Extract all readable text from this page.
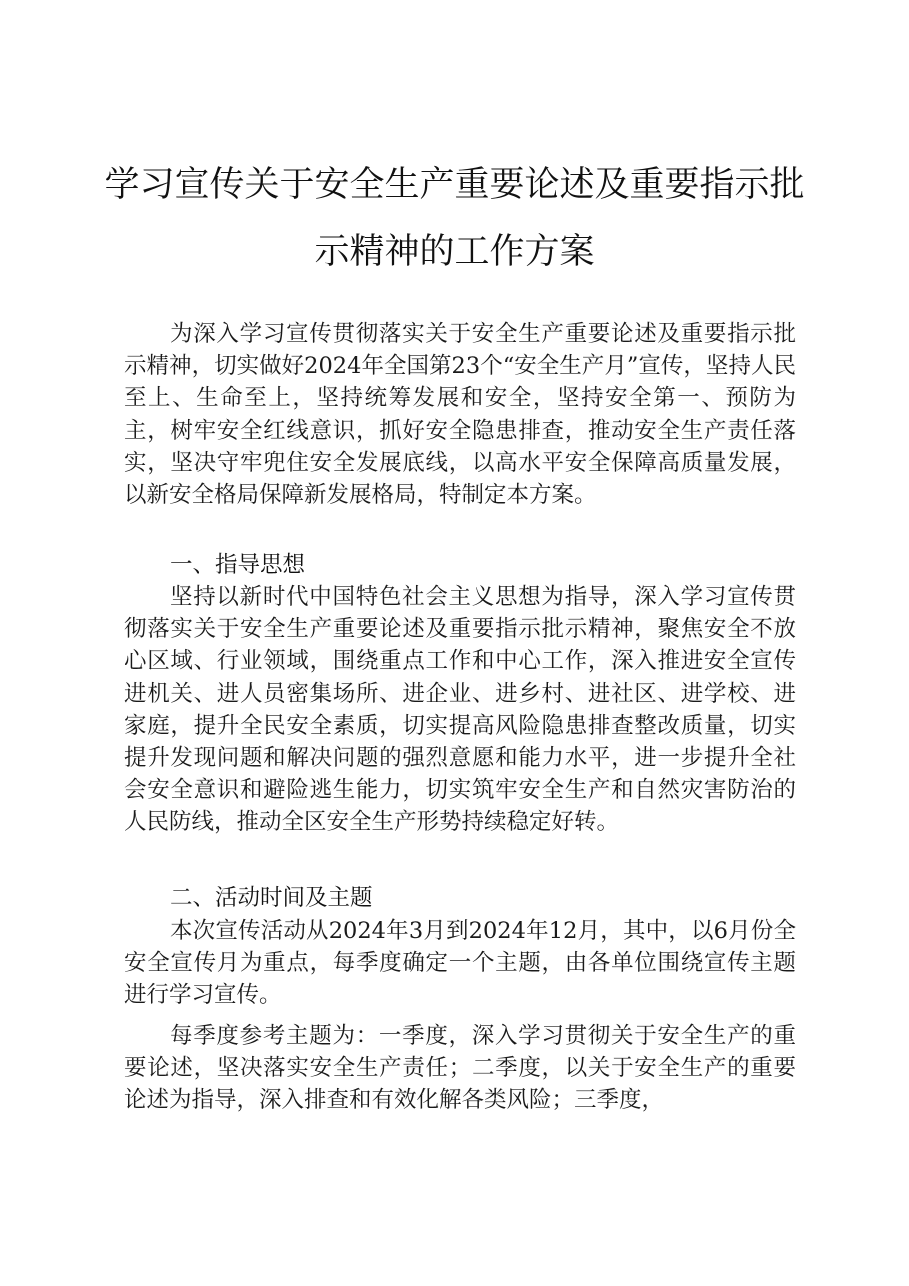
学习宣传关于安全生产重要论述及重要指示批
示精神的工作方案

为深入学习宣传贯彻落实关于安全生产重要论述及重要指示批示精神，切实做好2024年全国第23个“安全生产月”宣传，坚持人民至上、生命至上，坚持统筹发展和安全，坚持安全第一、预防为主，树牢安全红线意识，抓好安全隐患排查，推动安全生产责任落实，坚决守牢兜住安全发展底线，以高水平安全保障高质量发展，以新安全格局保障新发展格局，特制定本方案。

一、指导思想

坚持以新时代中国特色社会主义思想为指导，深入学习宣传贯彻落实关于安全生产重要论述及重要指示批示精神，聚焦安全不放心区域、行业领域，围绕重点工作和中心工作，深入推进安全宣传进机关、进人员密集场所、进企业、进乡村、进社区、进学校、进家庭，提升全民安全素质，切实提高风险隐患排查整改质量，切实提升发现问题和解决问题的强烈意愿和能力水平，进一步提升全社会安全意识和避险逃生能力，切实筑牢安全生产和自然灾害防治的人民防线，推动全区安全生产形势持续稳定好转。

二、活动时间及主题

本次宣传活动从2024年3月到2024年12月，其中，以6月份全安全宣传月为重点，每季度确定一个主题，由各单位围绕宣传主题进行学习宣传。

每季度参考主题为：一季度，深入学习贯彻关于安全生产的重要论述，坚决落实安全生产责任；二季度，以关于安全生产的重要论述为指导，深入排查和有效化解各类风险；三季度，
